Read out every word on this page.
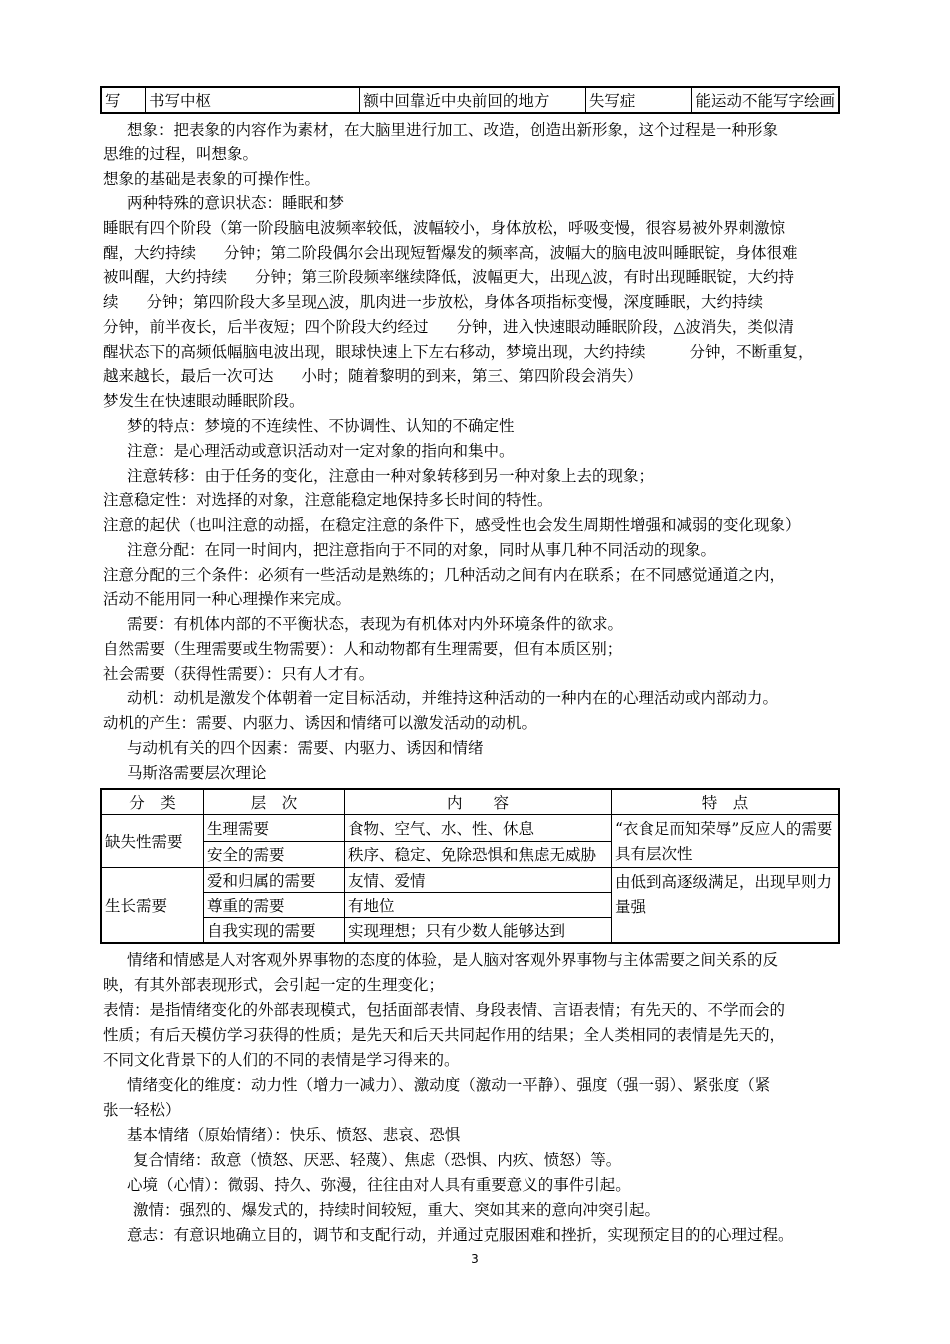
写	书写中枢	额中回靠近中央前回的地方	失写症	能运动不能写字绘画
想象：把表象的内容作为素材，在大脑里进行加工、改造，创造出新形象，这个过程是一种形象
思维的过程，叫想象。
想象的基础是表象的可操作性。
两种特殊的意识状态：睡眠和梦
睡眠有四个阶段（第一阶段脑电波频率较低，波幅较小，身体放松，呼吸变慢，很容易被外界刺激惊
醒，大约持续 分钟；第二阶段偶尔会出现短暂爆发的频率高，波幅大的脑电波叫睡眠锭，身体很难
被叫醒，大约持续 分钟；第三阶段频率继续降低，波幅更大，出现△波，有时出现睡眠锭，大约持
续 分钟；第四阶段大多呈现△波，肌肉进一步放松，身体各项指标变慢，深度睡眠，大约持续
分钟，前半夜长，后半夜短；四个阶段大约经过 分钟，进入快速眼动睡眠阶段，△波消失，类似清
醒状态下的高频低幅脑电波出现，眼球快速上下左右移动，梦境出现，大约持续	分钟，不断重复，
越来越长，最后一次可达 小时；随着黎明的到来，第三、第四阶段会消失）
梦发生在快速眼动睡眠阶段。
梦的特点：梦境的不连续性、不协调性、认知的不确定性
注意：是心理活动或意识活动对一定对象的指向和集中。
注意转移：由于任务的变化，注意由一种对象转移到另一种对象上去的现象；
注意稳定性：对选择的对象，注意能稳定地保持多长时间的特性。
注意的起伏（也叫注意的动摇，在稳定注意的条件下，感受性也会发生周期性增强和减弱的变化现象）
注意分配：在同一时间内，把注意指向于不同的对象，同时从事几种不同活动的现象。
注意分配的三个条件：必须有一些活动是熟练的；几种活动之间有内在联系；在不同感觉通道之内，
活动不能用同一种心理操作来完成。
需要：有机体内部的不平衡状态，表现为有机体对内外环境条件的欲求。
自然需要（生理需要或生物需要）：人和动物都有生理需要，但有本质区别；
社会需要（获得性需要）：只有人才有。
动机：动机是激发个体朝着一定目标活动，并维持这种活动的一种内在的心理活动或内部动力。
动机的产生：需要、内驱力、诱因和情绪可以激发活动的动机。
与动机有关的四个因素：需要、内驱力、诱因和情绪
马斯洛需要层次理论
分　类	层　次	内　　容	特　点
缺失性需要	生理需要	食物、空气、水、性、休息	“衣食足而知荣辱”反应人的需要具有层次性
	安全的需要	秩序、稳定、免除恐惧和焦虑无威胁	
生长需要	爱和归属的需要	友情、爱情	由低到高逐级满足，出现早则力量强
	尊重的需要	有地位	
	自我实现的需要	实现理想；只有少数人能够达到	
情绪和情感是人对客观外界事物的态度的体验，是人脑对客观外界事物与主体需要之间关系的反
映，有其外部表现形式，会引起一定的生理变化；
表情：是指情绪变化的外部表现模式，包括面部表情、身段表情、言语表情；有先天的、不学而会的
性质；有后天模仿学习获得的性质；是先天和后天共同起作用的结果；全人类相同的表情是先天的，
不同文化背景下的人们的不同的表情是学习得来的。
情绪变化的维度：动力性（增力一减力）、激动度（激动一平静）、强度（强一弱）、紧张度（紧
张一轻松）
基本情绪（原始情绪）：快乐、愤怒、悲哀、恐惧
复合情绪：敌意（愤怒、厌恶、轻蔑）、焦虑（恐惧、内疚、愤怒）等。
心境（心情）：微弱、持久、弥漫，往往由对人具有重要意义的事件引起。
激情：强烈的、爆发式的，持续时间较短，重大、突如其来的意向冲突引起。
意志：有意识地确立目的，调节和支配行动，并通过克服困难和挫折，实现预定目的的心理过程。
3
